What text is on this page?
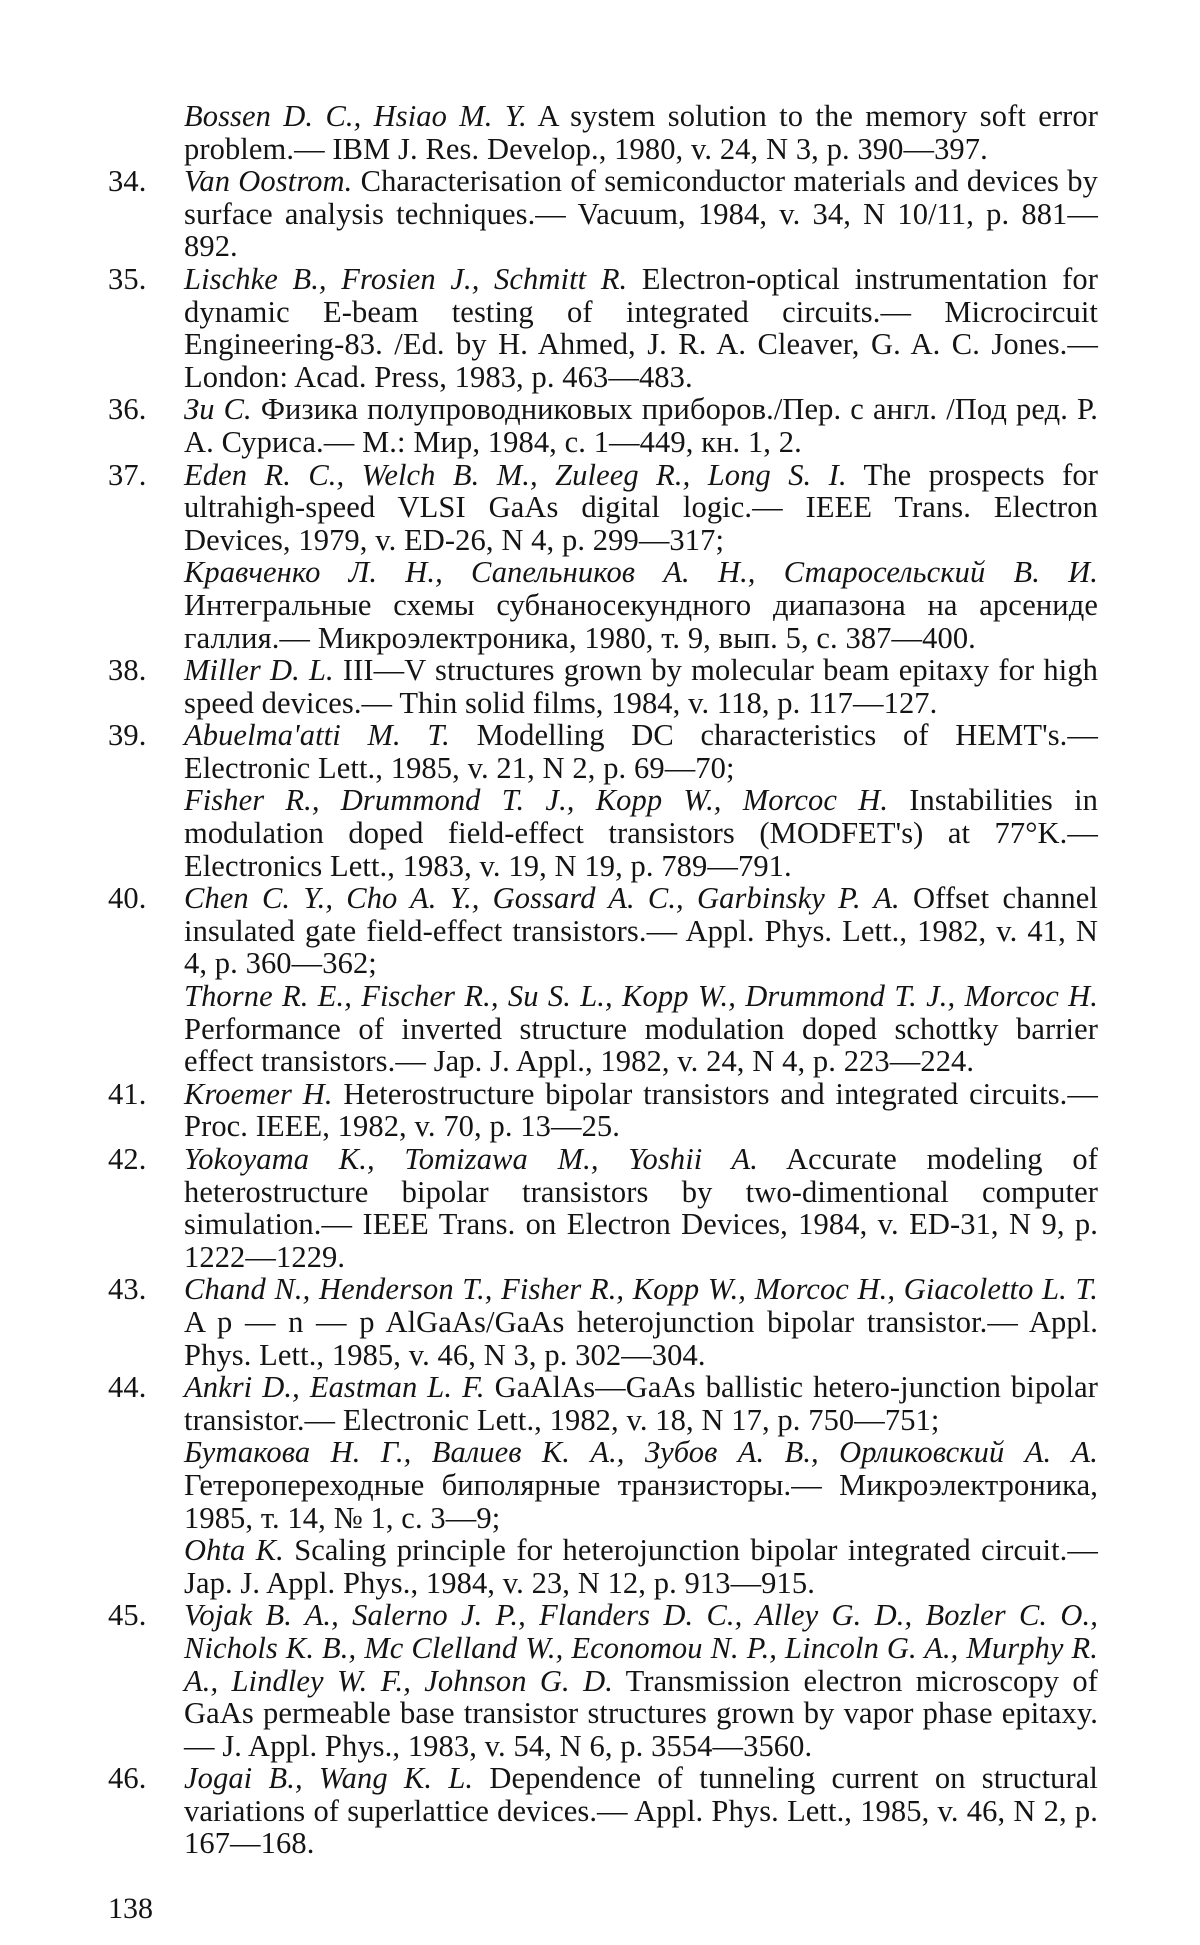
Bossen D. C., Hsiao M. Y. A system solution to the memory soft error problem.— IBM J. Res. Develop., 1980, v. 24, N 3, p. 390—397.
34.	Van Oostrom. Characterisation of semiconductor materials and devices by surface analysis techniques.— Vacuum, 1984, v. 34, N 10/11, p. 881—892.
35.	Lischke B., Frosien J., Schmitt R. Electron-optical instrumentation for dynamic E-beam testing of integrated circuits.— Microcircuit Engineering-83. /Ed. by H. Ahmed, J. R. A. Cleaver, G. A. C. Jones.— London: Acad. Press, 1983, p. 463—483.
36.	Зи С. Физика полупроводниковых приборов./Пер. с англ. /Под ред. Р. А. Суриса.— М.: Мир, 1984, с. 1—449, кн. 1, 2.
37.	Eden R. C., Welch B. M., Zuleeg R., Long S. I. The prospects for ultrahigh-speed VLSI GaAs digital logic.— IEEE Trans. Electron Devices, 1979, v. ED-26, N 4, p. 299—317;
Кравченко Л. Н., Сапельников А. Н., Старосельский В. И. Интегральные схемы субнаносекундного диапазона на арсениде галлия.— Микроэлектроника, 1980, т. 9, вып. 5, с. 387—400.
38.	Miller D. L. III—V structures grown by molecular beam epitaxy for high speed devices.— Thin solid films, 1984, v. 118, p. 117—127.
39.	Abuelma'atti M. T. Modelling DC characteristics of HEMT's.— Electronic Lett., 1985, v. 21, N 2, p. 69—70;
Fisher R., Drummond T. J., Kopp W., Morcoc H. Instabilities in modulation doped field-effect transistors (MODFET's) at 77°K.— Electronics Lett., 1983, v. 19, N 19, p. 789—791.
40.	Chen C. Y., Cho A. Y., Gossard A. C., Garbinsky P. A. Offset channel insulated gate field-effect transistors.— Appl. Phys. Lett., 1982, v. 41, N 4, p. 360—362;
Thorne R. E., Fischer R., Su S. L., Kopp W., Drummond T. J., Morcoc H. Performance of inverted structure modulation doped schottky barrier effect transistors.— Jap. J. Appl., 1982, v. 24, N 4, p. 223—224.
41.	Kroemer H. Heterostructure bipolar transistors and integrated circuits.— Proc. IEEE, 1982, v. 70, p. 13—25.
42.	Yokoyama K., Tomizawa M., Yoshii A. Accurate modeling of heterostructure bipolar transistors by two-dimentional computer simulation.— IEEE Trans. on Electron Devices, 1984, v. ED-31, N 9, p. 1222—1229.
43.	Chand N., Henderson T., Fisher R., Kopp W., Morcoc H., Giacoletto L. T. A p — n — p AlGaAs/GaAs heterojunction bipolar transistor.— Appl. Phys. Lett., 1985, v. 46, N 3, p. 302—304.
44.	Ankri D., Eastman L. F. GaAlAs—GaAs ballistic hetero-junction bipolar transistor.— Electronic Lett., 1982, v. 18, N 17, p. 750—751;
Бутакова Н. Г., Валиев К. А., Зубов А. В., Орликовский А. А. Гетеропереходные биполярные транзисторы.— Микроэлектроника, 1985, т. 14, № 1, с. 3—9;
Ohta K. Scaling principle for heterojunction bipolar integrated circuit.— Jap. J. Appl. Phys., 1984, v. 23, N 12, p. 913—915.
45.	Vojak B. A., Salerno J. P., Flanders D. C., Alley G. D., Bozler C. O., Nichols K. B., Mc Clelland W., Economou N. P., Lincoln G. A., Murphy R. A., Lindley W. F., Johnson G. D. Transmission electron microscopy of GaAs permeable base transistor structures grown by vapor phase epitaxy.— J. Appl. Phys., 1983, v. 54, N 6, p. 3554—3560.
46.	Jogai B., Wang K. L. Dependence of tunneling current on structural variations of superlattice devices.— Appl. Phys. Lett., 1985, v. 46, N 2, p. 167—168.
138
